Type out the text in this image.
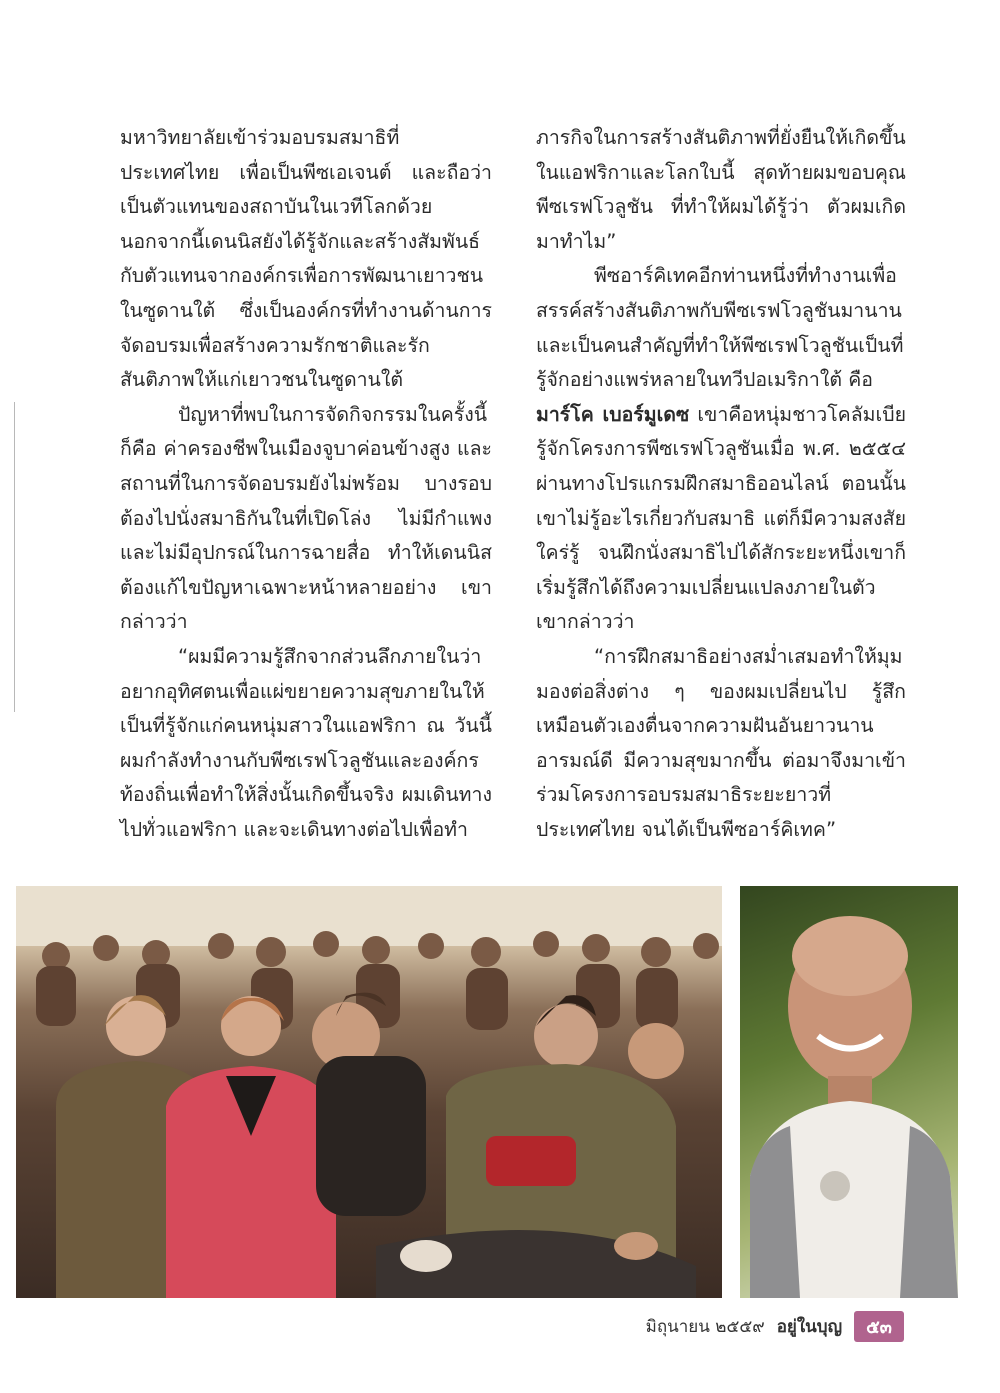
มหาวิทยาลัยเข้าร่วมอบรมสมาธิที่ประเทศไทย เพื่อเป็นพีซเอเจนต์ และถือว่าเป็นตัวแทนของสถาบันในเวทีโลกด้วย นอกจากนี้เดนนิสยังได้รู้จักและสร้างสัมพันธ์กับตัวแทนจากองค์กรเพื่อการพัฒนาเยาวชนในซูดานใต้ ซึ่งเป็นองค์กรที่ทำงานด้านการจัดอบรมเพื่อสร้างความรักชาติและรักสันติภาพให้แก่เยาวชนในซูดานใต้

ปัญหาที่พบในการจัดกิจกรรมในครั้งนี้ก็คือ ค่าครองชีพในเมืองจูบาค่อนข้างสูง และสถานที่ในการจัดอบรมยังไม่พร้อม บางรอบต้องไปนั่งสมาธิกันในที่เปิดโล่ง ไม่มีกำแพงและไม่มีอุปกรณ์ในการฉายสื่อ ทำให้เดนนิสต้องแก้ไขปัญหาเฉพาะหน้าหลายอย่าง เขากล่าวว่า

“ผมมีความรู้สึกจากส่วนลึกภายในว่าอยากอุทิศตนเพื่อแผ่ขยายความสุขภายในให้เป็นที่รู้จักแก่คนหนุ่มสาวในแอฟริกา ณ วันนี้ผมกำลังทำงานกับพีซเรฟโวลูชันและองค์กรท้องถิ่นเพื่อทำให้สิ่งนั้นเกิดขึ้นจริง ผมเดินทางไปทั่วแอฟริกา และจะเดินทางต่อไปเพื่อทำ

ภารกิจในการสร้างสันติภาพที่ยั่งยืนให้เกิดขึ้นในแอฟริกาและโลกใบนี้ สุดท้ายผมขอบคุณพีซเรฟโวลูชัน ที่ทำให้ผมได้รู้ว่า ตัวผมเกิดมาทำไม”

พีซอาร์คิเทคอีกท่านหนึ่งที่ทำงานเพื่อสรรค์สร้างสันติภาพกับพีซเรฟโวลูชันมานานและเป็นคนสำคัญที่ทำให้พีซเรฟโวลูชันเป็นที่รู้จักอย่างแพร่หลายในทวีปอเมริกาใต้ คือ
มาร์โค เบอร์มูเดซ เขาคือหนุ่มชาวโคลัมเบียรู้จักโครงการพีซเรฟโวลูชันเมื่อ พ.ศ. ๒๕๕๔ ผ่านทางโปรแกรมฝึกสมาธิออนไลน์ ตอนนั้นเขาไม่รู้อะไรเกี่ยวกับสมาธิ แต่ก็มีความสงสัยใคร่รู้ จนฝึกนั่งสมาธิไปได้สักระยะหนึ่งเขาก็เริ่มรู้สึกได้ถึงความเปลี่ยนแปลงภายในตัว เขากล่าวว่า

“การฝึกสมาธิอย่างสม่ำเสมอทำให้มุมมองต่อสิ่งต่าง ๆ ของผมเปลี่ยนไป รู้สึกเหมือนตัวเองตื่นจากความฝันอันยาวนาน อารมณ์ดี มีความสุขมากขึ้น ต่อมาจึงมาเข้าร่วมโครงการอบรมสมาธิระยะยาวที่ประเทศไทย จนได้เป็นพีซอาร์คิเทค”

มิถุนายน ๒๕๕๙ อยู่ในบุญ	๕๓
